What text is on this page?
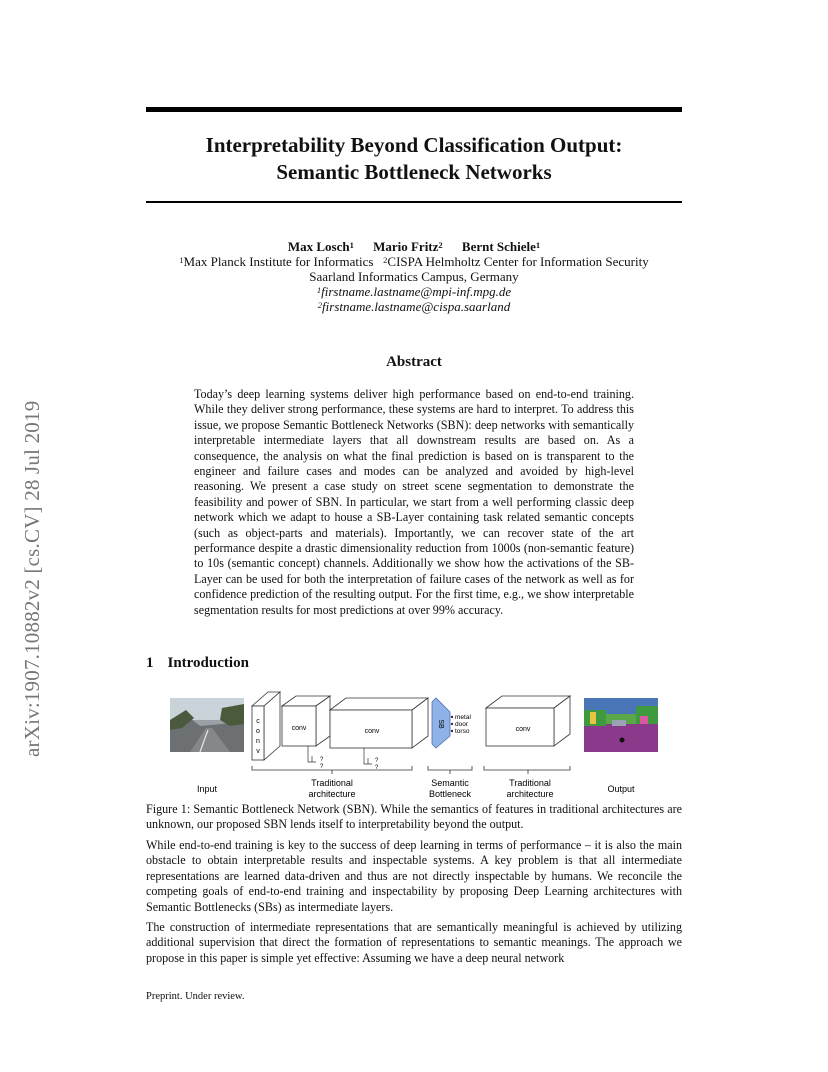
Interpretability Beyond Classification Output:
Semantic Bottleneck Networks
arXiv:1907.10882v2 [cs.CV] 28 Jul 2019
Max Losch$^1$ Mario Fritz$^2$ Bernt Schiele$^1$
$^1$Max Planck Institute for Informatics $^2$CISPA Helmholtz Center for Information Security
Saarland Informatics Campus, Germany
$^1$firstname.lastname@mpi-inf.mpg.de
$^2$firstname.lastname@cispa.saarland
Abstract
Today’s deep learning systems deliver high performance based on end-to-end training. While they deliver strong performance, these systems are hard to interpret. To address this issue, we propose Semantic Bottleneck Networks (SBN): deep networks with semantically interpretable intermediate layers that all downstream results are based on. As a consequence, the analysis on what the final prediction is based on is transparent to the engineer and failure cases and modes can be analyzed and avoided by high-level reasoning. We present a case study on street scene segmentation to demonstrate the feasibility and power of SBN. In particular, we start from a well performing classic deep network which we adapt to house a SB-Layer containing task related semantic concepts (such as object-parts and materials). Importantly, we can recover state of the art performance despite a drastic dimensionality reduction from 1000s (non-semantic feature) to 10s (semantic concept) channels. Additionally we show how the activations of the SB-Layer can be used for both the interpretation of failure cases of the network as well as for confidence prediction of the resulting output. For the first time, e.g., we show interpretable segmentation results for most predictions at over 99% accuracy.
1 Introduction
c
o
n
v
conv	conv
?
?
?
?
SB
metal
door
torso	conv
Input
Traditional
architecture
Semantic
Bottleneck
Traditional
architecture	Output
Figure 1: Semantic Bottleneck Network (SBN). While the semantics of features in traditional architectures are unknown, our proposed SBN lends itself to interpretability beyond the output.
While end-to-end training is key to the success of deep learning in terms of performance – it is also the main obstacle to obtain interpretable results and inspectable systems. A key problem is that all intermediate representations are learned data-driven and thus are not directly inspectable by humans. We reconcile the competing goals of end-to-end training and inspectability by proposing Deep Learning architectures with Semantic Bottlenecks (SBs) as intermediate layers.
The construction of intermediate representations that are semantically meaningful is achieved by utilizing additional supervision that direct the formation of representations to semantic meanings. The approach we propose in this paper is simple yet effective: Assuming we have a deep neural network
Preprint. Under review.
